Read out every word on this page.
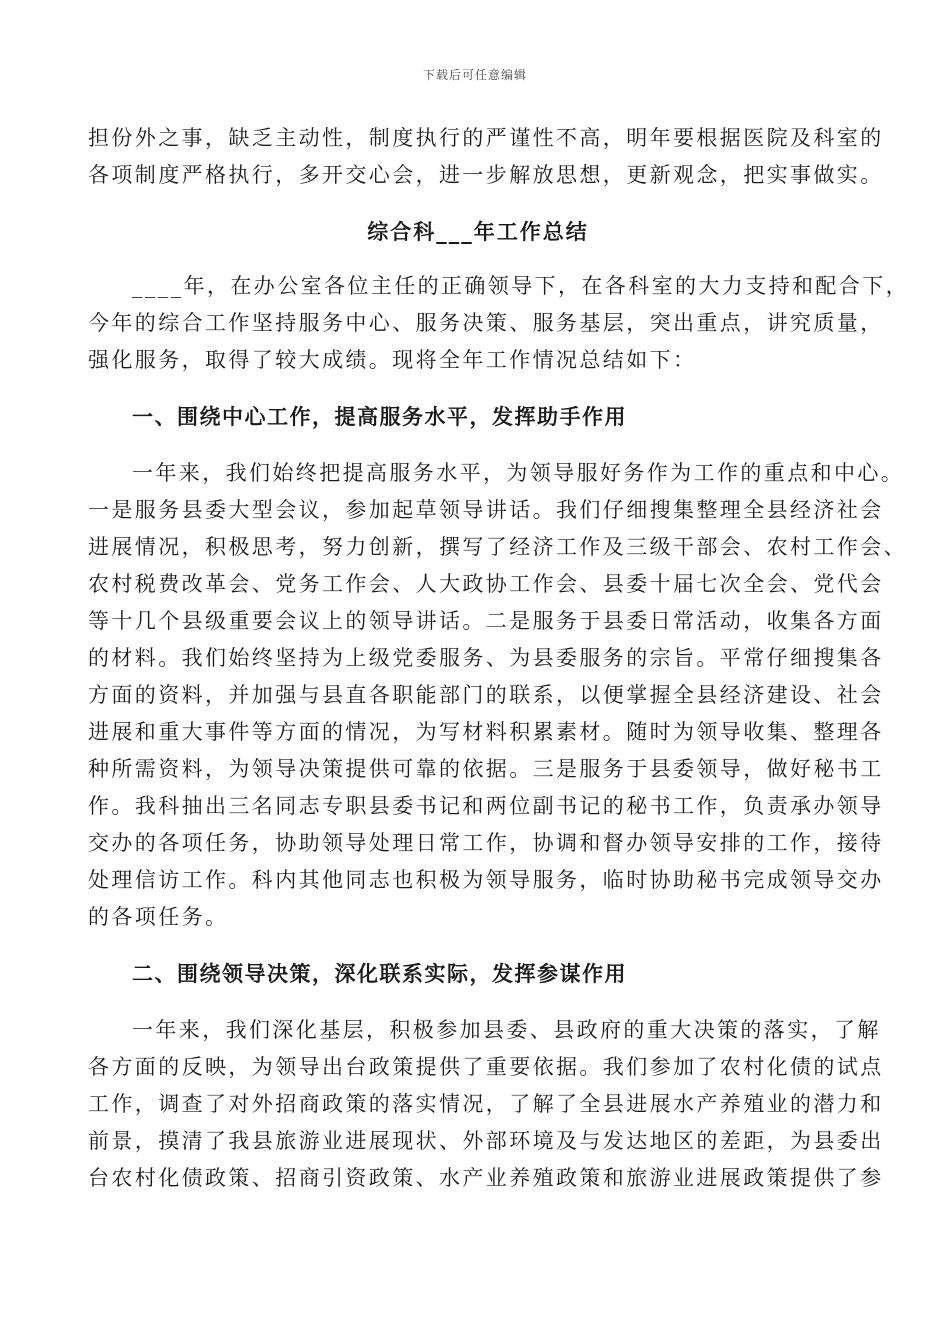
下载后可任意编辑
担份外之事，缺乏主动性，制度执行的严谨性不高，明年要根据医院及科室的
各项制度严格执行，多开交心会，进一步解放思想，更新观念，把实事做实。
综合科___年工作总结
____年，在办公室各位主任的正确领导下，在各科室的大力支持和配合下，
今年的综合工作坚持服务中心、服务决策、服务基层，突出重点，讲究质量，
强化服务，取得了较大成绩。现将全年工作情况总结如下：
一、围绕中心工作，提高服务水平，发挥助手作用
一年来，我们始终把提高服务水平，为领导服好务作为工作的重点和中心。
一是服务县委大型会议，参加起草领导讲话。我们仔细搜集整理全县经济社会
进展情况，积极思考，努力创新，撰写了经济工作及三级干部会、农村工作会、
农村税费改革会、党务工作会、人大政协工作会、县委十届七次全会、党代会
等十几个县级重要会议上的领导讲话。二是服务于县委日常活动，收集各方面
的材料。我们始终坚持为上级党委服务、为县委服务的宗旨。平常仔细搜集各
方面的资料，并加强与县直各职能部门的联系，以便掌握全县经济建设、社会
进展和重大事件等方面的情况，为写材料积累素材。随时为领导收集、整理各
种所需资料，为领导决策提供可靠的依据。三是服务于县委领导，做好秘书工
作。我科抽出三名同志专职县委书记和两位副书记的秘书工作，负责承办领导
交办的各项任务，协助领导处理日常工作，协调和督办领导安排的工作，接待
处理信访工作。科内其他同志也积极为领导服务，临时协助秘书完成领导交办
的各项任务。
二、围绕领导决策，深化联系实际，发挥参谋作用
一年来，我们深化基层，积极参加县委、县政府的重大决策的落实，了解
各方面的反映，为领导出台政策提供了重要依据。我们参加了农村化债的试点
工作，调查了对外招商政策的落实情况，了解了全县进展水产养殖业的潜力和
前景，摸清了我县旅游业进展现状、外部环境及与发达地区的差距，为县委出
台农村化债政策、招商引资政策、水产业养殖政策和旅游业进展政策提供了参
